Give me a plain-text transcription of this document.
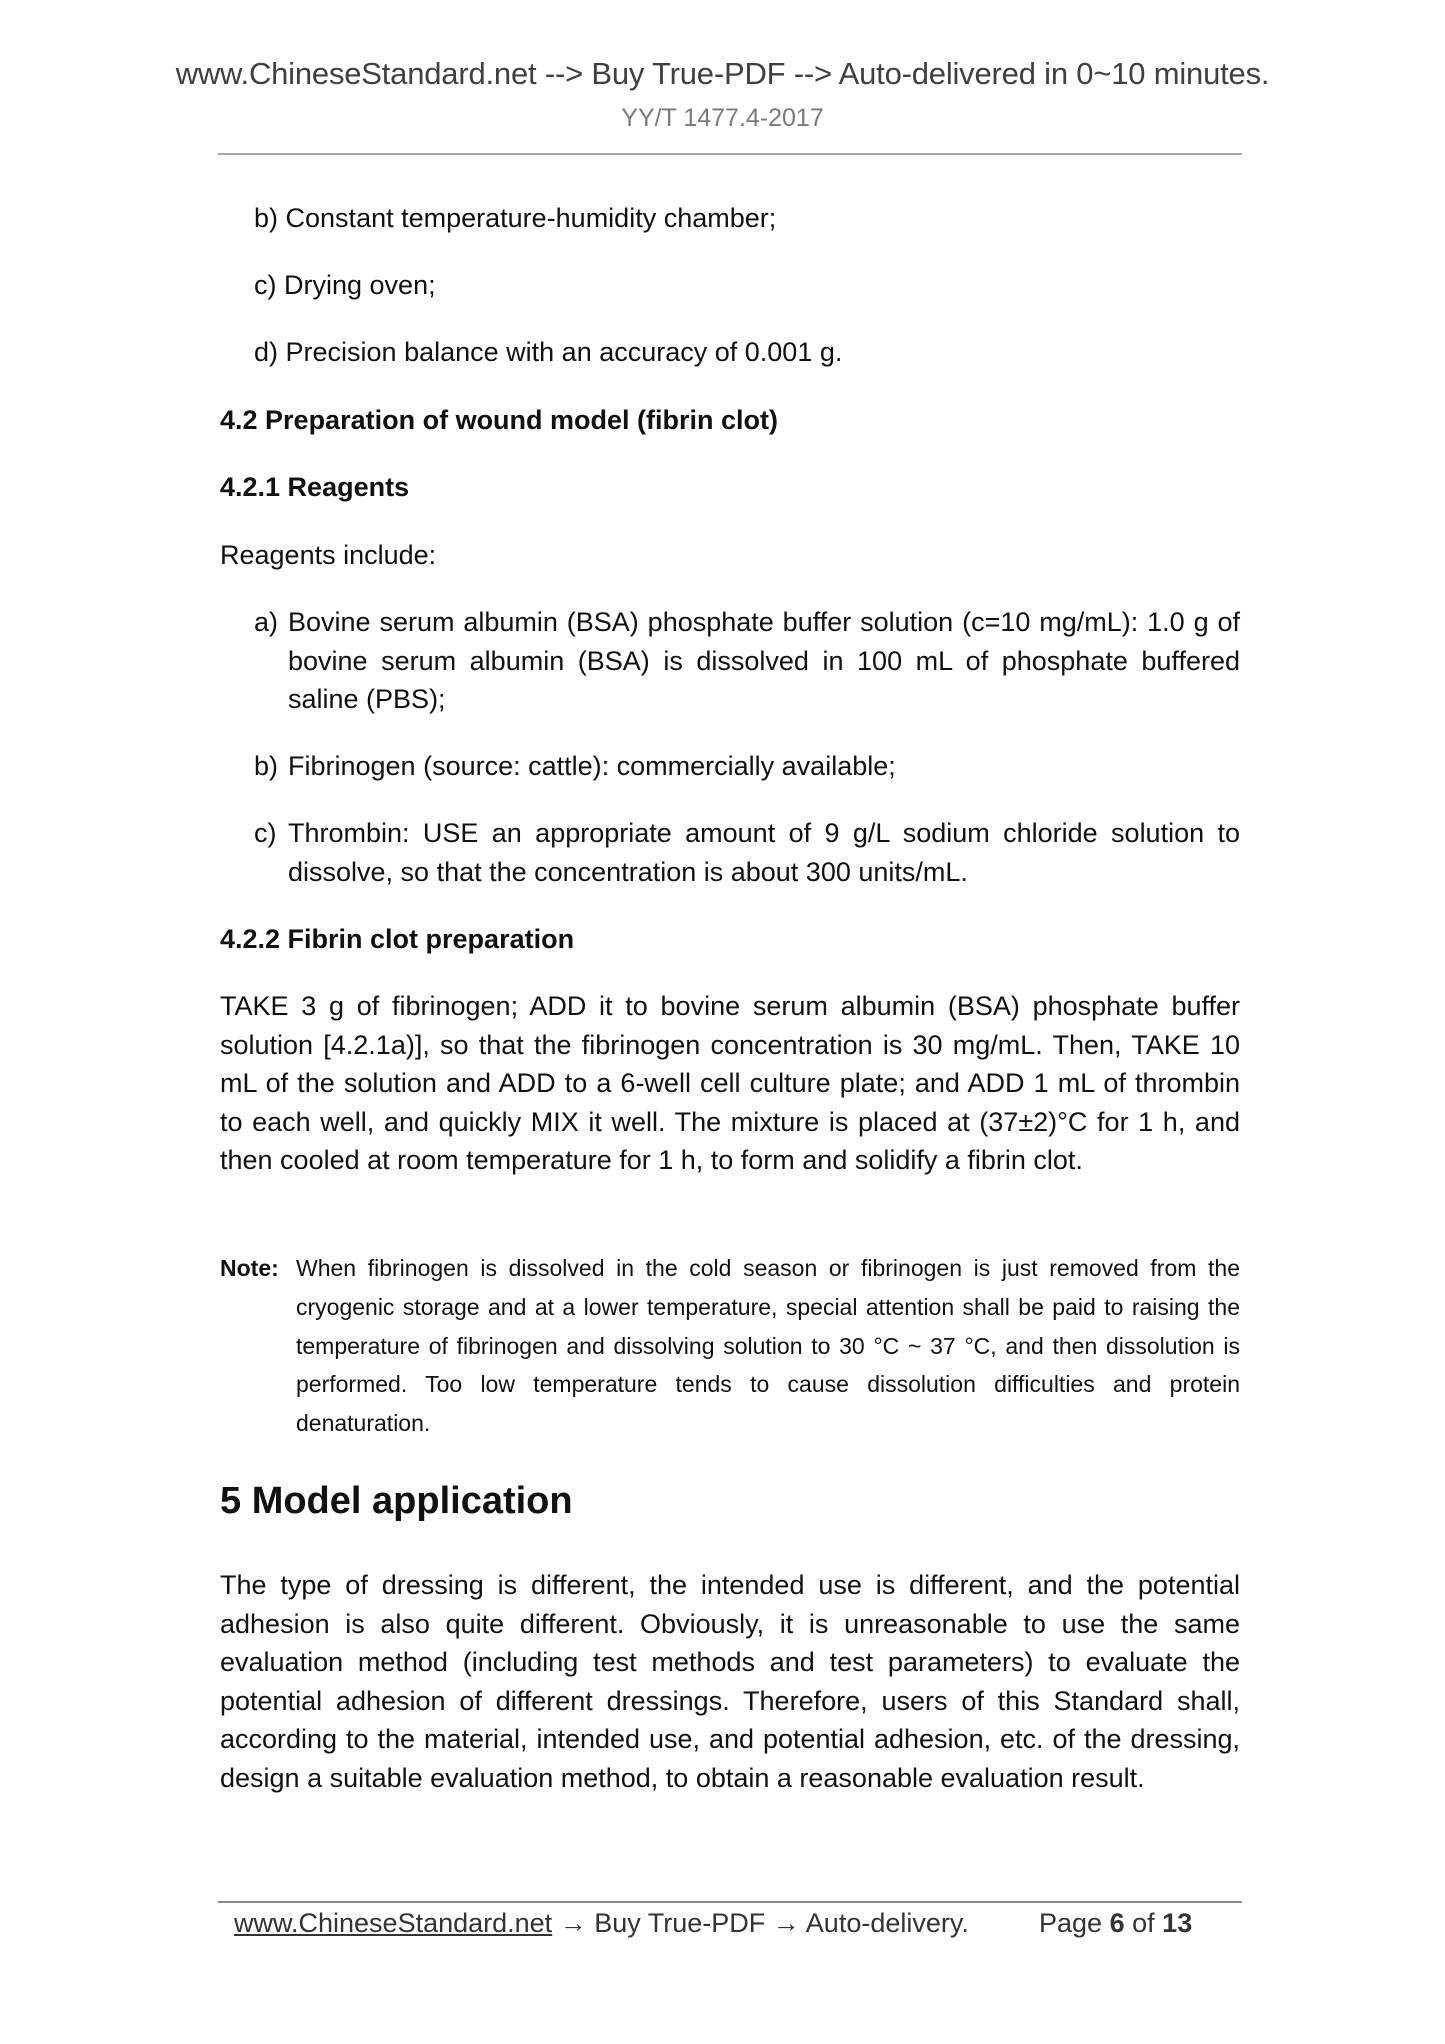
www.ChineseStandard.net --> Buy True-PDF --> Auto-delivered in 0~10 minutes.
YY/T 1477.4-2017

b) Constant temperature-humidity chamber;

c) Drying oven;

d) Precision balance with an accuracy of 0.001 g.

4.2 Preparation of wound model (fibrin clot)

4.2.1 Reagents

Reagents include:

a) Bovine serum albumin (BSA) phosphate buffer solution (c=10 mg/mL): 1.0 g of bovine serum albumin (BSA) is dissolved in 100 mL of phosphate buffered saline (PBS);

b) Fibrinogen (source: cattle): commercially available;

c) Thrombin: USE an appropriate amount of 9 g/L sodium chloride solution to dissolve, so that the concentration is about 300 units/mL.

4.2.2 Fibrin clot preparation

TAKE 3 g of fibrinogen; ADD it to bovine serum albumin (BSA) phosphate buffer solution [4.2.1a)], so that the fibrinogen concentration is 30 mg/mL. Then, TAKE 10 mL of the solution and ADD to a 6-well cell culture plate; and ADD 1 mL of thrombin to each well, and quickly MIX it well. The mixture is placed at (37±2)°C for 1 h, and then cooled at room temperature for 1 h, to form and solidify a fibrin clot.

Note: When fibrinogen is dissolved in the cold season or fibrinogen is just removed from the cryogenic storage and at a lower temperature, special attention shall be paid to raising the temperature of fibrinogen and dissolving solution to 30 °C ~ 37 °C, and then dissolution is performed. Too low temperature tends to cause dissolution difficulties and protein denaturation.

5 Model application

The type of dressing is different, the intended use is different, and the potential adhesion is also quite different. Obviously, it is unreasonable to use the same evaluation method (including test methods and test parameters) to evaluate the potential adhesion of different dressings. Therefore, users of this Standard shall, according to the material, intended use, and potential adhesion, etc. of the dressing, design a suitable evaluation method, to obtain a reasonable evaluation result.

www.ChineseStandard.net → Buy True-PDF → Auto-delivery.	Page 6 of 13
